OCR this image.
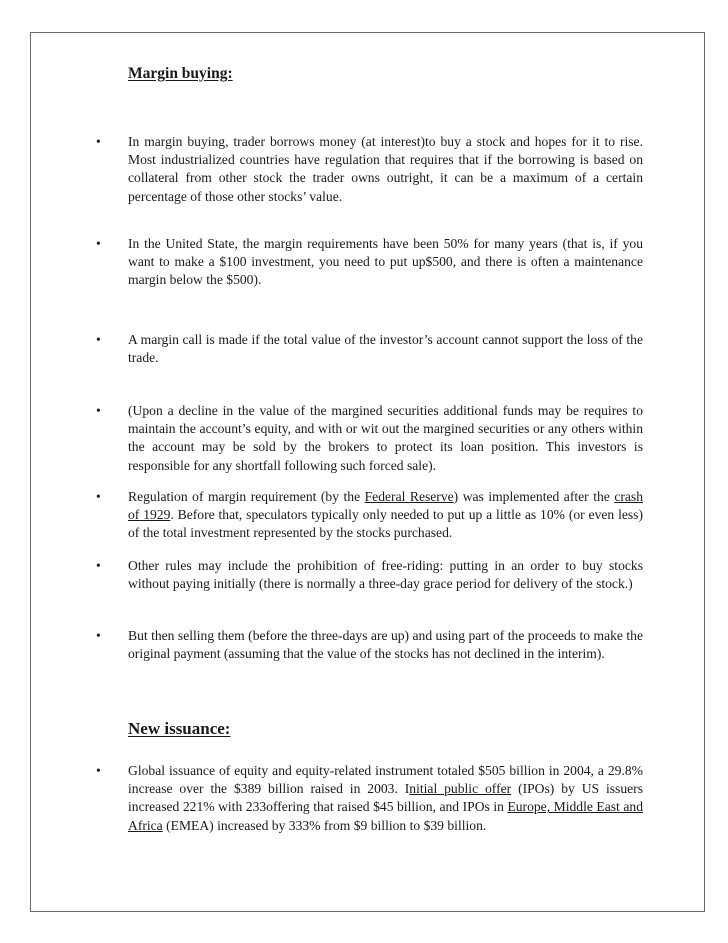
Margin buying:
• In margin buying, trader borrows money (at interest)to buy a stock and hopes for it to rise. Most industrialized countries have regulation that requires that if the borrowing is based on collateral from other stock the trader owns outright, it can be a maximum of a certain percentage of those other stocks’ value.
• In the United State, the margin requirements have been 50% for many years (that is, if you want to make a $100 investment, you need to put up$500, and there is often a maintenance margin below the $500).
• A margin call is made if the total value of the investor’s account cannot support the loss of the trade.
• (Upon a decline in the value of the margined securities additional funds may be requires to maintain the account’s equity, and with or wit out the margined securities or any others within the account may be sold by the brokers to protect its loan position. This investors is responsible for any shortfall following such forced sale).
• Regulation of margin requirement (by the Federal Reserve) was implemented after the crash of 1929. Before that, speculators typically only needed to put up a little as 10% (or even less) of the total investment represented by the stocks purchased.
• Other rules may include the prohibition of free-riding: putting in an order to buy stocks without paying initially (there is normally a three-day grace period for delivery of the stock.)
• But then selling them (before the three-days are up) and using part of the proceeds to make the original payment (assuming that the value of the stocks has not declined in the interim).
New issuance:
• Global issuance of equity and equity-related instrument totaled $505 billion in 2004, a 29.8% increase over the $389 billion raised in 2003. Initial public offer (IPOs) by US issuers increased 221% with 233offering that raised $45 billion, and IPOs in Europe, Middle East and Africa (EMEA) increased by 333% from $9 billion to $39 billion.
